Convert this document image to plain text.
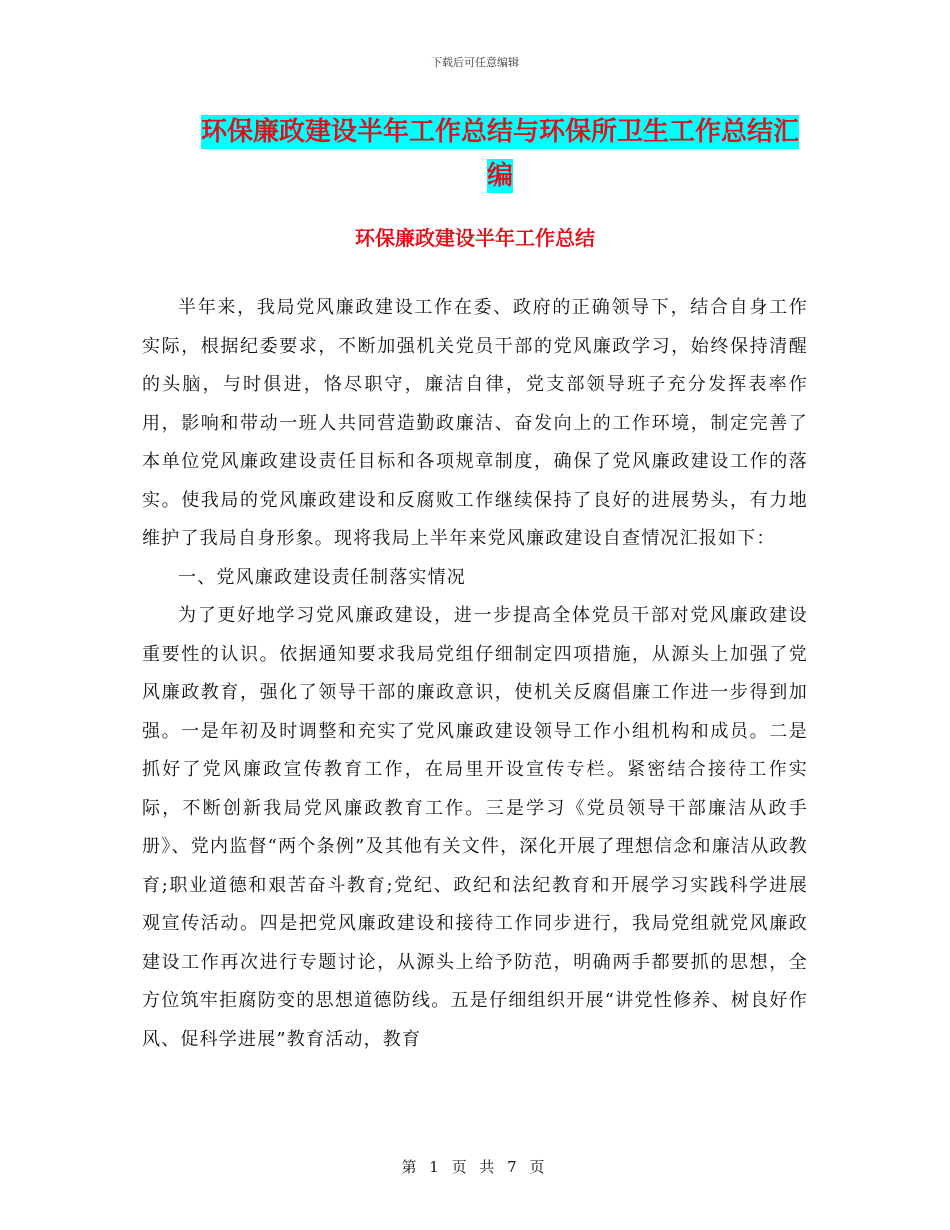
下载后可任意编辑
环保廉政建设半年工作总结与环保所卫生工作总结汇编
环保廉政建设半年工作总结

半年来，我局党风廉政建设工作在委、政府的正确领导下，结合自身工作实际，根据纪委要求，不断加强机关党员干部的党风廉政学习，始终保持清醒的头脑，与时俱进，恪尽职守，廉洁自律，党支部领导班子充分发挥表率作用，影响和带动一班人共同营造勤政廉洁、奋发向上的工作环境，制定完善了本单位党风廉政建设责任目标和各项规章制度，确保了党风廉政建设工作的落实。使我局的党风廉政建设和反腐败工作继续保持了良好的进展势头，有力地维护了我局自身形象。现将我局上半年来党风廉政建设自查情况汇报如下：

一、党风廉政建设责任制落实情况

为了更好地学习党风廉政建设，进一步提高全体党员干部对党风廉政建设重要性的认识。依据通知要求我局党组仔细制定四项措施，从源头上加强了党风廉政教育，强化了领导干部的廉政意识，使机关反腐倡廉工作进一步得到加强。一是年初及时调整和充实了党风廉政建设领导工作小组机构和成员。二是抓好了党风廉政宣传教育工作，在局里开设宣传专栏。紧密结合接待工作实际，不断创新我局党风廉政教育工作。三是学习《党员领导干部廉洁从政手册》、党内监督“两个条例”及其他有关文件，深化开展了理想信念和廉洁从政教育;职业道德和艰苦奋斗教育;党纪、政纪和法纪教育和开展学习实践科学进展观宣传活动。四是把党风廉政建设和接待工作同步进行，我局党组就党风廉政建设工作再次进行专题讨论，从源头上给予防范，明确两手都要抓的思想，全方位筑牢拒腐防变的思想道德防线。五是仔细组织开展“讲党性修养、树良好作风、促科学进展”教育活动，教育

第 1 页 共 7 页
